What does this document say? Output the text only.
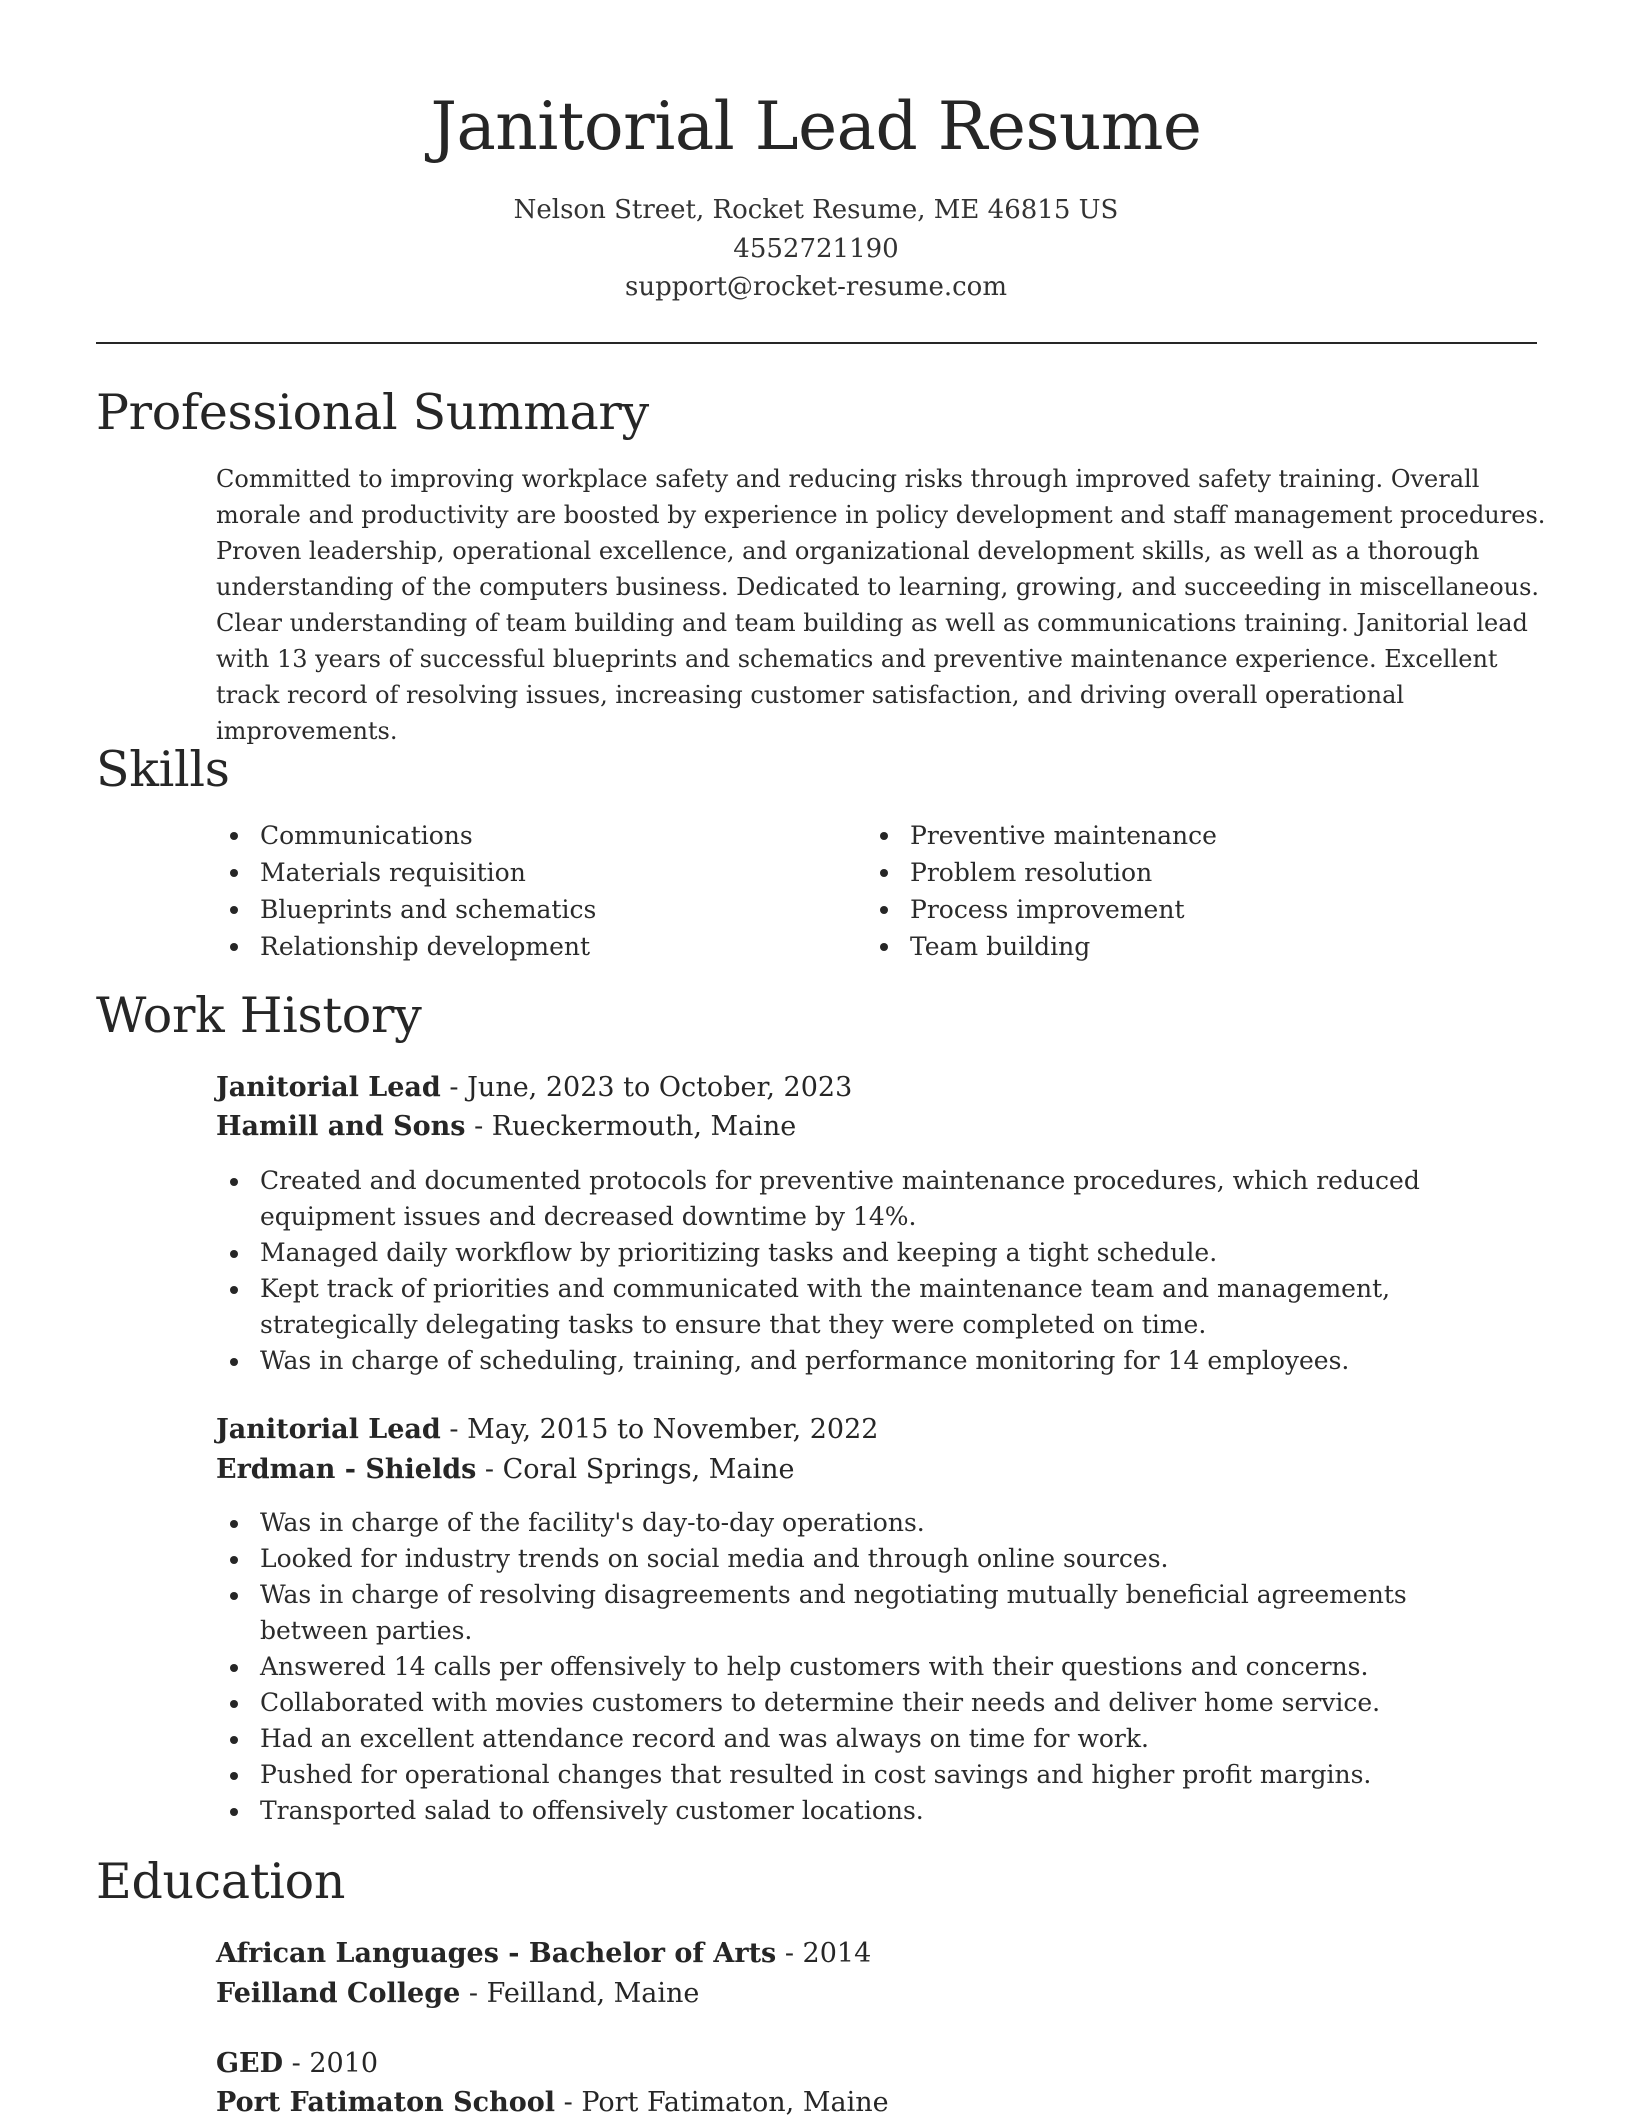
Janitorial Lead Resume
Nelson Street, Rocket Resume, ME 46815 US
4552721190
support@rocket-resume.com
Professional Summary

Committed to improving workplace safety and reducing risks through improved safety training. Overall morale and productivity are boosted by experience in policy development and staff management procedures. Proven leadership, operational excellence, and organizational development skills, as well as a thorough understanding of the computers business. Dedicated to learning, growing, and succeeding in miscellaneous. Clear understanding of team building and team building as well as communications training. Janitorial lead with 13 years of successful blueprints and schematics and preventive maintenance experience. Excellent track record of resolving issues, increasing customer satisfaction, and driving overall operational improvements.

Skills
Communications
Materials requisition
Blueprints and schematics
Relationship development
Preventive maintenance
Problem resolution
Process improvement
Team building
Work History
Janitorial Lead - June, 2023 to October, 2023
Hamill and Sons - Rueckermouth, Maine
Created and documented protocols for preventive maintenance procedures, which reduced equipment issues and decreased downtime by 14%.
Managed daily workflow by prioritizing tasks and keeping a tight schedule.
Kept track of priorities and communicated with the maintenance team and management, strategically delegating tasks to ensure that they were completed on time.
Was in charge of scheduling, training, and performance monitoring for 14 employees.
Janitorial Lead - May, 2015 to November, 2022
Erdman - Shields - Coral Springs, Maine
Was in charge of the facility's day-to-day operations.
Looked for industry trends on social media and through online sources.
Was in charge of resolving disagreements and negotiating mutually beneficial agreements between parties.
Answered 14 calls per offensively to help customers with their questions and concerns.
Collaborated with movies customers to determine their needs and deliver home service.
Had an excellent attendance record and was always on time for work.
Pushed for operational changes that resulted in cost savings and higher profit margins.
Transported salad to offensively customer locations.
Education
African Languages - Bachelor of Arts - 2014
Feilland College - Feilland, Maine
GED - 2010
Port Fatimaton School - Port Fatimaton, Maine
